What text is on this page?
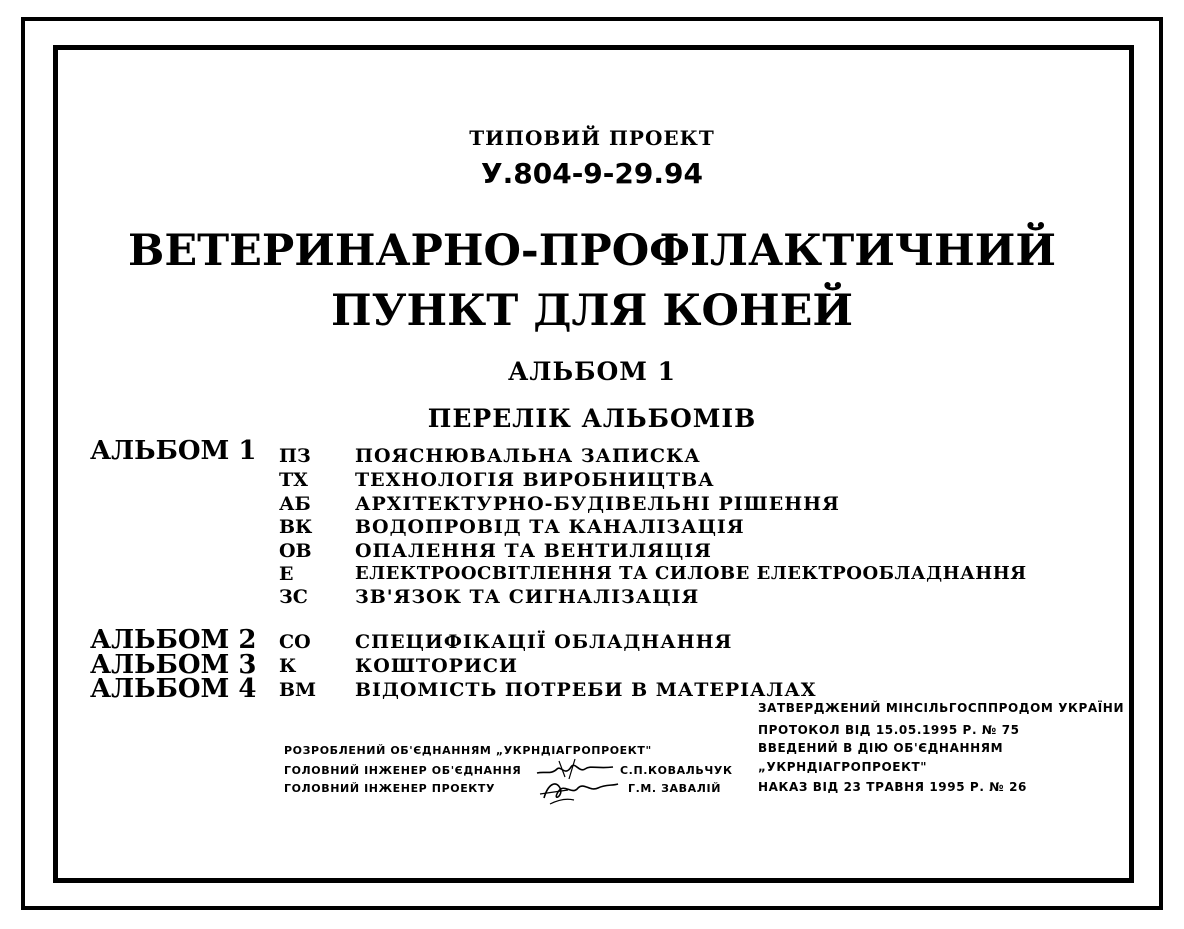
ТИПОВИЙ ПРОЕКТ
У.804-9-29.94
ВЕТЕРИНАРНО-ПРОФІЛАКТИЧНИЙ
ПУНКТ ДЛЯ КОНЕЙ
АЛЬБОМ 1
ПЕРЕЛІК АЛЬБОМІВ
АЛЬБОМ 1 ПЗ ПОЯСНЮВАЛЬНА ЗАПИСКА
ТХ ТЕХНОЛОГІЯ ВИРОБНИЦТВА
АБ АРХІТЕКТУРНО-БУДІВЕЛЬНІ РІШЕННЯ
ВК ВОДОПРОВІД ТА КАНАЛІЗАЦІЯ
ОВ ОПАЛЕННЯ ТА ВЕНТИЛЯЦІЯ
Е	ЕЛЕКТРООСВІТЛЕННЯ ТА СИЛОВЕ ЕЛЕКТРООБЛАДНАННЯ
ЗС ЗВ'ЯЗОК ТА СИГНАЛІЗАЦІЯ
АЛЬБОМ 2 СО СПЕЦИФІКАЦІЇ ОБЛАДНАННЯ
АЛЬБОМ 3 К	КОШТОРИСИ
АЛЬБОМ 4 ВМ ВІДОМІСТЬ ПОТРЕБИ В МАТЕРІАЛАХ
ЗАТВЕРДЖЕНИЙ МІНСІЛЬГОСППРОДОМ УКРАЇНИ
ПРОТОКОЛ ВІД 15.05.1995 Р. № 75
ВВЕДЕНИЙ В ДІЮ ОБ'ЄДНАННЯМ
„УКРНДІАГРОПРОЕКТ"
НАКАЗ ВІД 23 ТРАВНЯ 1995 Р. № 26
РОЗРОБЛЕНИЙ ОБ'ЄДНАННЯМ „УКРНДІАГРОПРОЕКТ"
ГОЛОВНИЙ ІНЖЕНЕР ОБ'ЄДНАННЯ	С.П.КОВАЛЬЧУК
ГОЛОВНИЙ ІНЖЕНЕР ПРОЕКТУ	Г.М. ЗАВАЛІЙ
